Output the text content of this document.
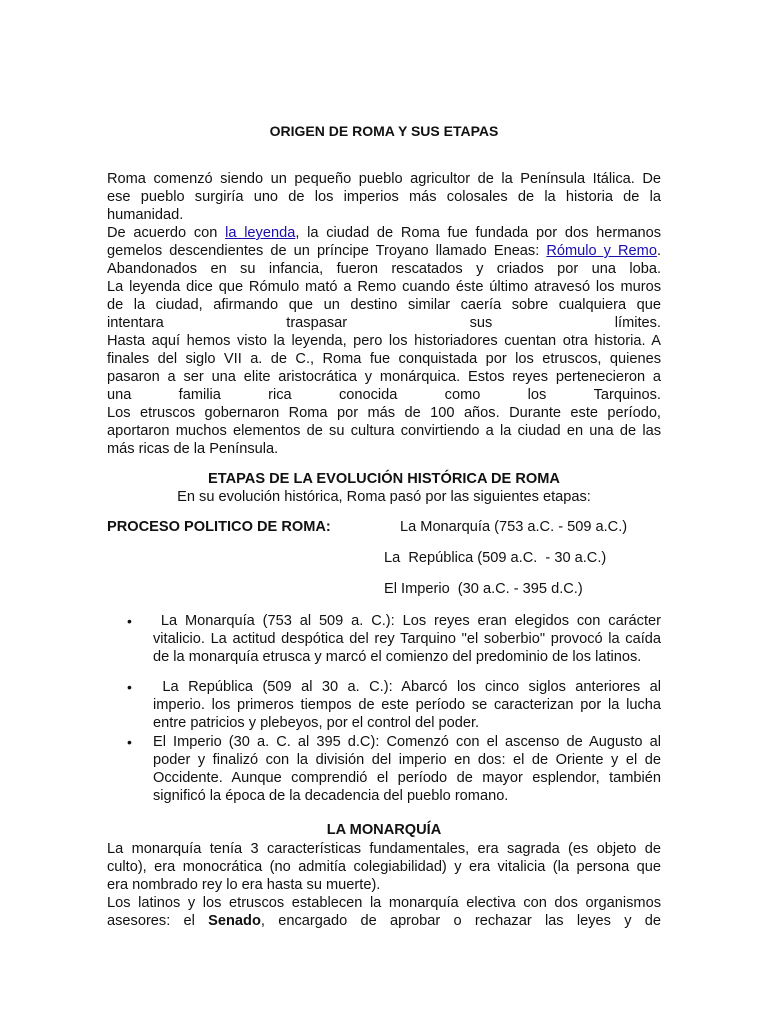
ORIGEN DE ROMA Y SUS ETAPAS
Roma comenzó siendo un pequeño pueblo agricultor de la Península Itálica. De
ese pueblo surgiría uno de los imperios más colosales de la historia de la
humanidad.
De acuerdo con la leyenda, la ciudad de Roma fue fundada por dos hermanos
gemelos descendientes de un príncipe Troyano llamado Eneas: Rómulo y Remo.
Abandonados en su infancia, fueron rescatados y criados por una loba.
La leyenda dice que Rómulo mató a Remo cuando éste último atravesó los muros
de la ciudad, afirmando que un destino similar caería sobre cualquiera que
intentara	traspasar	sus	límites.
Hasta aquí hemos visto la leyenda, pero los historiadores cuentan otra historia. A
finales del siglo VII a. de C., Roma fue conquistada por los etruscos, quienes
pasaron a ser una elite aristocrática y monárquica. Estos reyes pertenecieron a
una	familia	rica	conocida	como	los	Tarquinos.
Los etruscos gobernaron Roma por más de 100 años. Durante este período,
aportaron muchos elementos de su cultura convirtiendo a la ciudad en una de las
más ricas de la Península.
ETAPAS DE LA EVOLUCIÓN HISTÓRICA DE ROMA
En su evolución histórica, Roma pasó por las siguientes etapas:
PROCESO POLITICO DE ROMA:	La Monarquía (753 a.C. - 509 a.C.)
La  República (509 a.C.  - 30 a.C.)
El Imperio  (30 a.C. - 395 d.C.)
• La Monarquía (753 al 509 a. C.): Los reyes eran elegidos con carácter
vitalicio. La actitud despótica del rey Tarquino "el soberbio" provocó la caída
de la monarquía etrusca y marcó el comienzo del predominio de los latinos.
• La República (509 al 30 a. C.): Abarcó los cinco siglos anteriores al
imperio. los primeros tiempos de este período se caracterizan por la lucha
entre patricios y plebeyos, por el control del poder.
• El Imperio (30 a. C. al 395 d.C): Comenzó con el ascenso de Augusto al
poder y finalizó con la división del imperio en dos: el de Oriente y el de
Occidente. Aunque comprendió el período de mayor esplendor, también
significó la época de la decadencia del pueblo romano.
LA MONARQUÍA
La monarquía tenía 3 características fundamentales, era sagrada (es objeto de
culto), era monocrática (no admitía colegiabilidad) y era vitalicia (la persona que
era nombrado rey lo era hasta su muerte).
Los latinos y los etruscos establecen la monarquía electiva con dos organismos
asesores: el Senado, encargado de aprobar o rechazar las leyes y de
